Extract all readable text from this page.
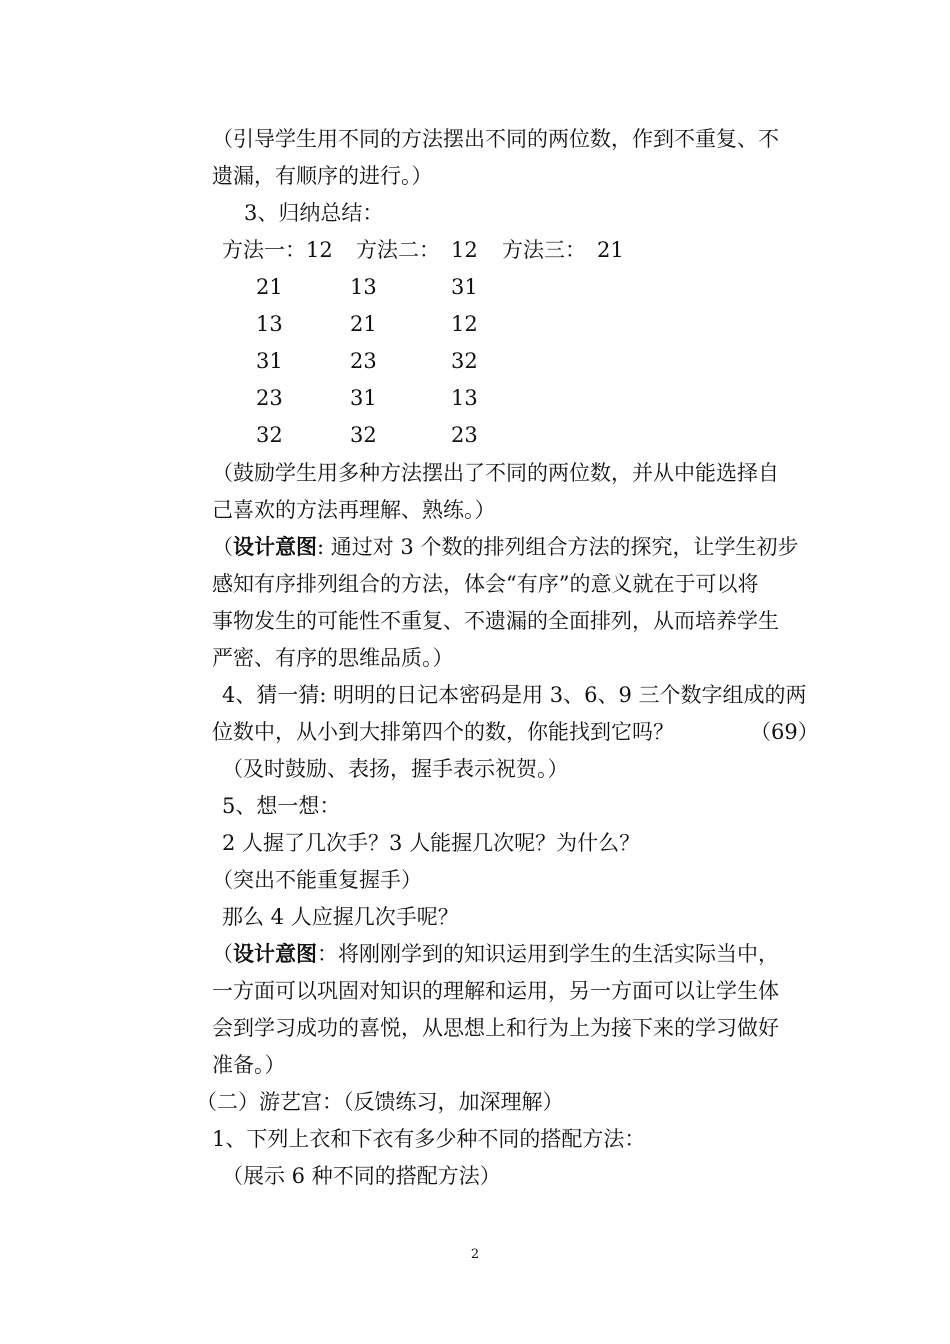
（引导学生用不同的方法摆出不同的两位数，作到不重复、不
遗漏，有顺序的进行。）
3、归纳总结：
方法一：12 方法二： 12 方法三： 21
21
13
31
23
32
13
21
23
31
32
31
12
32
13
23
（鼓励学生用多种方法摆出了不同的两位数，并从中能选择自
己喜欢的方法再理解、熟练。）
（设计意图: 通过对 3 个数的排列组合方法的探究，让学生初步
感知有序排列组合的方法，体会“有序”的意义就在于可以将
事物发生的可能性不重复、不遗漏的全面排列，从而培养学生
严密、有序的思维品质。）
4、猜一猜: 明明的日记本密码是用 3、6、9 三个数字组成的两
位数中，从小到大排第四个的数，你能找到它吗？	（69）
（及时鼓励、表扬，握手表示祝贺。）
5、想一想：
2 人握了几次手？3 人能握几次呢？为什么？
（突出不能重复握手）
那么 4 人应握几次手呢？
（设计意图：将刚刚学到的知识运用到学生的生活实际当中，
一方面可以巩固对知识的理解和运用，另一方面可以让学生体
会到学习成功的喜悦，从思想上和行为上为接下来的学习做好
准备。）
（二）游艺宫：（反馈练习，加深理解）
1、下列上衣和下衣有多少种不同的搭配方法：
（展示 6 种不同的搭配方法）
2
